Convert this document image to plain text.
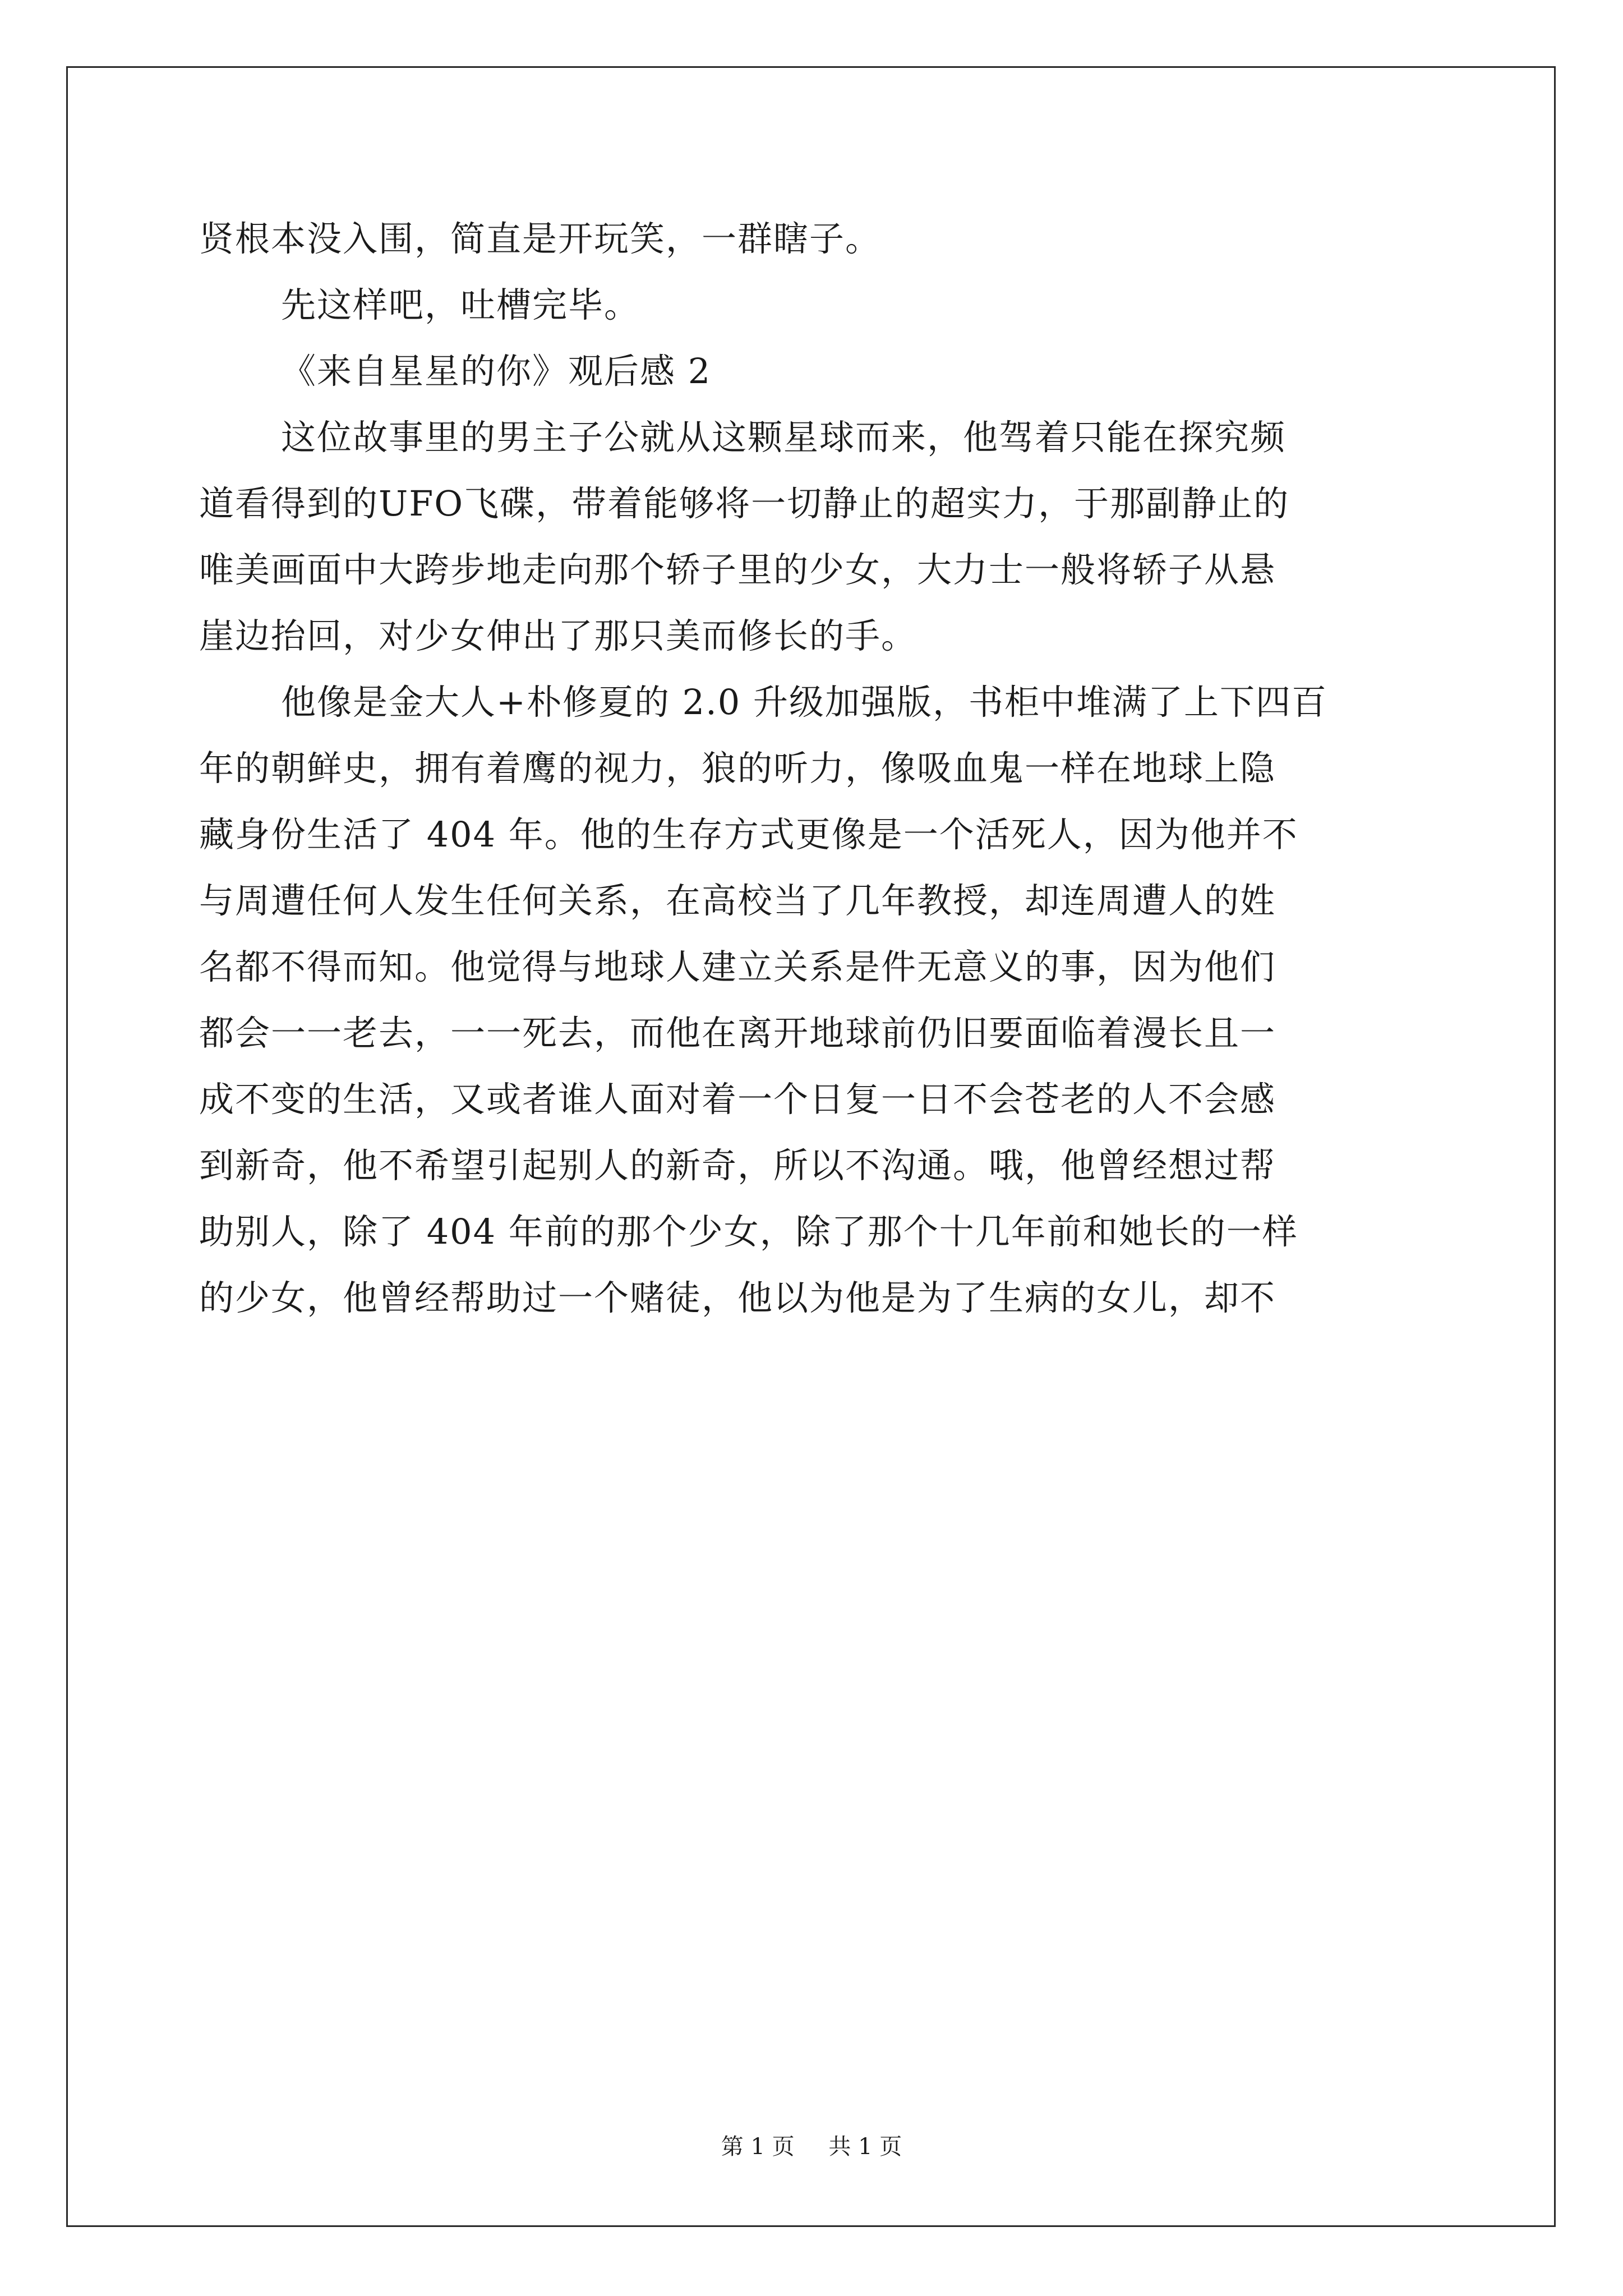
贤根本没入围，简直是开玩笑，一群瞎子。
先这样吧，吐槽完毕。
《来自星星的你》观后感 2
这位故事里的男主子公就从这颗星球而来，他驾着只能在探究频
道看得到的UFO飞碟，带着能够将一切静止的超实力，于那副静止的
唯美画面中大跨步地走向那个轿子里的少女，大力士一般将轿子从悬
崖边抬回，对少女伸出了那只美而修长的手。
他像是金大人+朴修夏的 2.0 升级加强版，书柜中堆满了上下四百
年的朝鲜史，拥有着鹰的视力，狼的听力，像吸血鬼一样在地球上隐
藏身份生活了 404 年。他的生存方式更像是一个活死人，因为他并不
与周遭任何人发生任何关系，在高校当了几年教授，却连周遭人的姓
名都不得而知。他觉得与地球人建立关系是件无意义的事，因为他们
都会一一老去，一一死去，而他在离开地球前仍旧要面临着漫长且一
成不变的生活，又或者谁人面对着一个日复一日不会苍老的人不会感
到新奇，他不希望引起别人的新奇，所以不沟通。哦，他曾经想过帮
助别人，除了 404 年前的那个少女，除了那个十几年前和她长的一样
的少女，他曾经帮助过一个赌徒，他以为他是为了生病的女儿，却不
第 1 页 共 1 页
